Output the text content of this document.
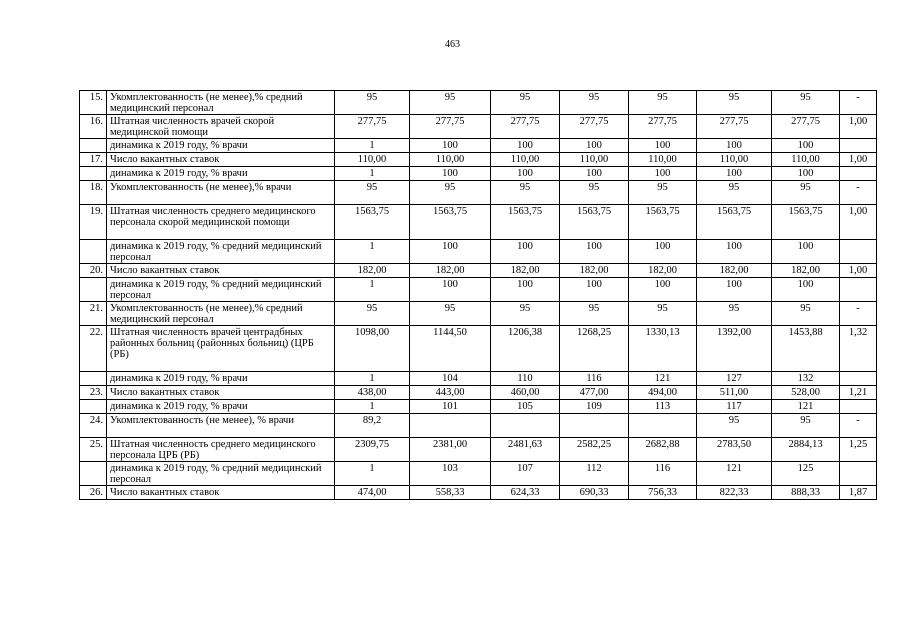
463
15.	Укомплектованность (не менее),% средний медицинский персонал	95	95	95	95	95	95	95	-
16.	Штатная численность врачей скорой медицинской помощи	277,75	277,75	277,75	277,75	277,75	277,75	277,75	1,00
	динамика к 2019 году, % врачи	1	100	100	100	100	100	100	
17.	Число вакантных ставок	110,00	110,00	110,00	110,00	110,00	110,00	110,00	1,00
	динамика к 2019 году, % врачи	1	100	100	100	100	100	100	
18.	Укомплектованность (не менее),% врачи	95	95	95	95	95	95	95	-
19.	Штатная численность среднего медицинского персонала скорой медицинской помощи	1563,75	1563,75	1563,75	1563,75	1563,75	1563,75	1563,75	1,00
	динамика к 2019 году, % средний медицинский персонал	1	100	100	100	100	100	100	
20.	Число вакантных ставок	182,00	182,00	182,00	182,00	182,00	182,00	182,00	1,00
	динамика к 2019 году, % средний медицинский персонал	1	100	100	100	100	100	100	
21.	Укомплектованность (не менее),% средний медицинский персонал	95	95	95	95	95	95	95	-
22.	Штатная численность врачей центрадбных районных больниц (районных больниц) (ЦРБ (РБ)	1098,00	1144,50	1206,38	1268,25	1330,13	1392,00	1453,88	1,32
	динамика к 2019 году, % врачи	1	104	110	116	121	127	132	
23.	Число вакантных ставок	438,00	443,00	460,00	477,00	494,00	511,00	528,00	1,21
	динамика к 2019 году, % врачи	1	101	105	109	113	117	121	
24.	Укомплектованность (не менее), % врачи	89,2					95	95	-
25.	Штатная численность среднего медицинского персонала ЦРБ (РБ)	2309,75	2381,00	2481,63	2582,25	2682,88	2783,50	2884,13	1,25
	динамика к 2019 году, % средний медицинский персонал	1	103	107	112	116	121	125	
26.	Число вакантных ставок	474,00	558,33	624,33	690,33	756,33	822,33	888,33	1,87
